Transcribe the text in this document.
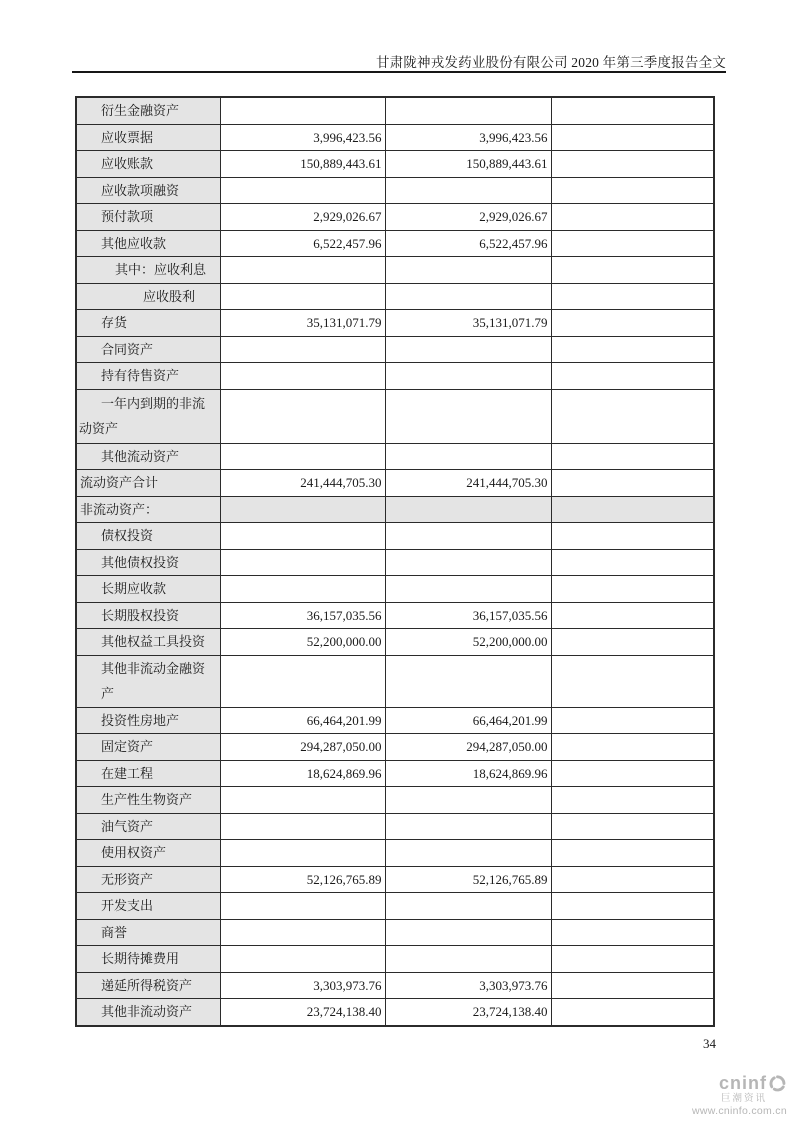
甘肃陇神戎发药业股份有限公司 2020 年第三季度报告全文
衍生金融资产			

应收票据	3,996,423.56	3,996,423.56	

应收账款	150,889,443.61	150,889,443.61	

应收款项融资			

预付款项	2,929,026.67	2,929,026.67	

其他应收款	6,522,457.96	6,522,457.96	

其中：应收利息			

应收股利			

存货	35,131,071.79	35,131,071.79	

合同资产			

持有待售资产			

一年内到期的非流动资产			

其他流动资产			

流动资产合计	241,444,705.30	241,444,705.30	

非流动资产：			

债权投资			

其他债权投资			

长期应收款			

长期股权投资	36,157,035.56	36,157,035.56	

其他权益工具投资	52,200,000.00	52,200,000.00	

其他非流动金融资产			

投资性房地产	66,464,201.99	66,464,201.99	

固定资产	294,287,050.00	294,287,050.00	

在建工程	18,624,869.96	18,624,869.96	

生产性生物资产			

油气资产			

使用权资产			

无形资产	52,126,765.89	52,126,765.89	

开发支出			

商誉			

长期待摊费用			

递延所得税资产	3,303,973.76	3,303,973.76	

其他非流动资产	23,724,138.40	23,724,138.40	
34
cninf
巨潮资讯
www.cninfo.com.cn
